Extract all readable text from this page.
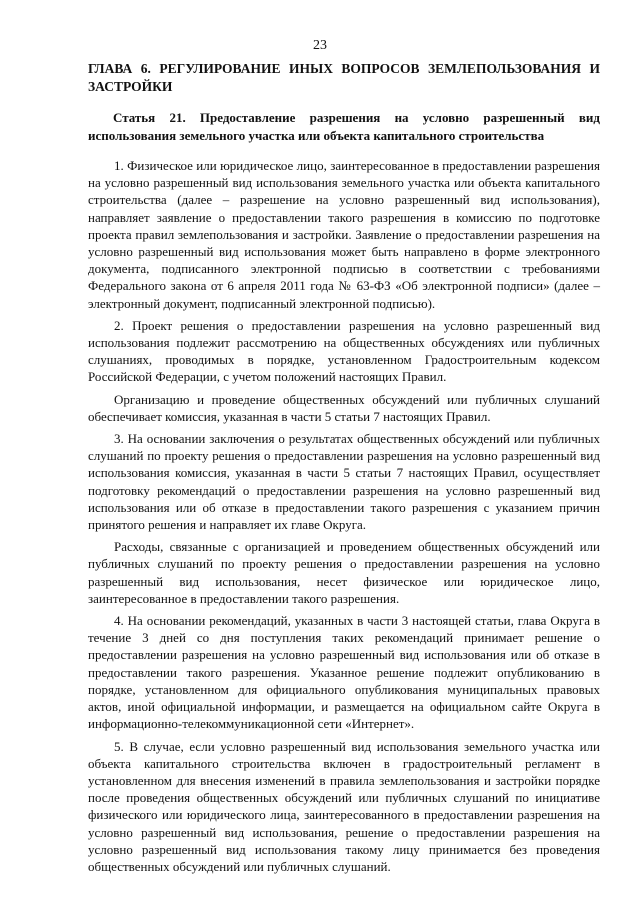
23
ГЛАВА 6. РЕГУЛИРОВАНИЕ ИНЫХ ВОПРОСОВ ЗЕМЛЕПОЛЬЗОВАНИЯ И ЗАСТРОЙКИ
Статья 21. Предоставление разрешения на условно разрешенный вид использования земельного участка или объекта капитального строительства

1. Физическое или юридическое лицо, заинтересованное в предоставлении разрешения на условно разрешенный вид использования земельного участка или объекта капитального строительства (далее – разрешение на условно разрешенный вид использования), направляет заявление о предоставлении такого разрешения в комиссию по подготовке проекта правил землепользования и застройки. Заявление о предоставлении разрешения на условно разрешенный вид использования может быть направлено в форме электронного документа, подписанного электронной подписью в соответствии с требованиями Федерального закона от 6 апреля 2011 года № 63-ФЗ «Об электронной подписи» (далее – электронный документ, подписанный электронной подписью).

2. Проект решения о предоставлении разрешения на условно разрешенный вид использования подлежит рассмотрению на общественных обсуждениях или публичных слушаниях, проводимых в порядке, установленном Градостроительным кодексом Российской Федерации, с учетом положений настоящих Правил.

Организацию и проведение общественных обсуждений или публичных слушаний обеспечивает комиссия, указанная в части 5 статьи 7 настоящих Правил.

3. На основании заключения о результатах общественных обсуждений или публичных слушаний по проекту решения о предоставлении разрешения на условно разрешенный вид использования комиссия, указанная в части 5 статьи 7 настоящих Правил, осуществляет подготовку рекомендаций о предоставлении разрешения на условно разрешенный вид использования или об отказе в предоставлении такого разрешения с указанием причин принятого решения и направляет их главе Округа.

Расходы, связанные с организацией и проведением общественных обсуждений или публичных слушаний по проекту решения о предоставлении разрешения на условно разрешенный вид использования, несет физическое или юридическое лицо, заинтересованное в предоставлении такого разрешения.

4. На основании рекомендаций, указанных в части 3 настоящей статьи, глава Округа в течение 3 дней со дня поступления таких рекомендаций принимает решение о предоставлении разрешения на условно разрешенный вид использования или об отказе в предоставлении такого разрешения. Указанное решение подлежит опубликованию в порядке, установленном для официального опубликования муниципальных правовых актов, иной официальной информации, и размещается на официальном сайте Округа в информационно-телекоммуникационной сети «Интернет».

5. В случае, если условно разрешенный вид использования земельного участка или объекта капитального строительства включен в градостроительный регламент в установленном для внесения изменений в правила землепользования и застройки порядке после проведения общественных обсуждений или публичных слушаний по инициативе физического или юридического лица, заинтересованного в предоставлении разрешения на условно разрешенный вид использования, решение о предоставлении разрешения на условно разрешенный вид использования такому лицу принимается без проведения общественных обсуждений или публичных слушаний.
